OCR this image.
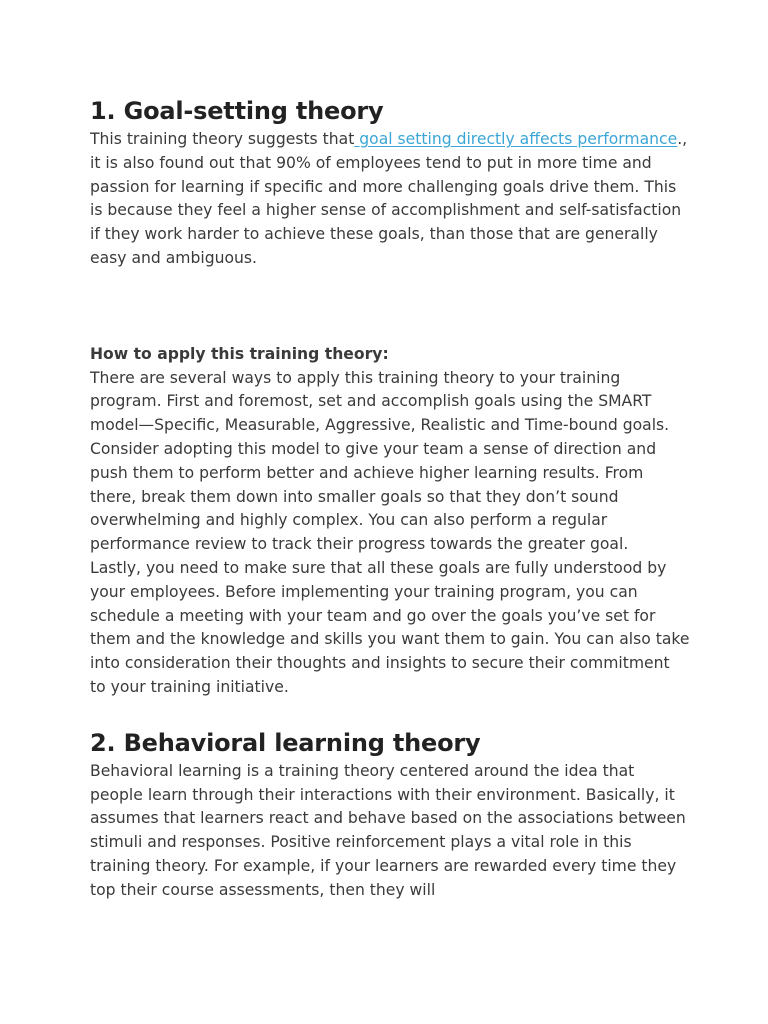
1. Goal-setting theory

This training theory suggests that goal setting directly affects performance., it is also found out that 90% of employees tend to put in more time and passion for learning if specific and more challenging goals drive them. This is because they feel a higher sense of accomplishment and self-satisfaction if they work harder to achieve these goals, than those that are generally easy and ambiguous.

How to apply this training theory:

There are several ways to apply this training theory to your training program. First and foremost, set and accomplish goals using the SMART model—Specific, Measurable, Aggressive, Realistic and Time-bound goals. Consider adopting this model to give your team a sense of direction and push them to perform better and achieve higher learning results. From there, break them down into smaller goals so that they don’t sound overwhelming and highly complex. You can also perform a regular performance review to track their progress towards the greater goal.

Lastly, you need to make sure that all these goals are fully understood by your employees. Before implementing your training program, you can schedule a meeting with your team and go over the goals you’ve set for them and the knowledge and skills you want them to gain. You can also take into consideration their thoughts and insights to secure their commitment to your training initiative.

2. Behavioral learning theory

Behavioral learning is a training theory centered around the idea that people learn through their interactions with their environment. Basically, it assumes that learners react and behave based on the associations between stimuli and responses. Positive reinforcement plays a vital role in this training theory. For example, if your learners are rewarded every time they top their course assessments, then they will
